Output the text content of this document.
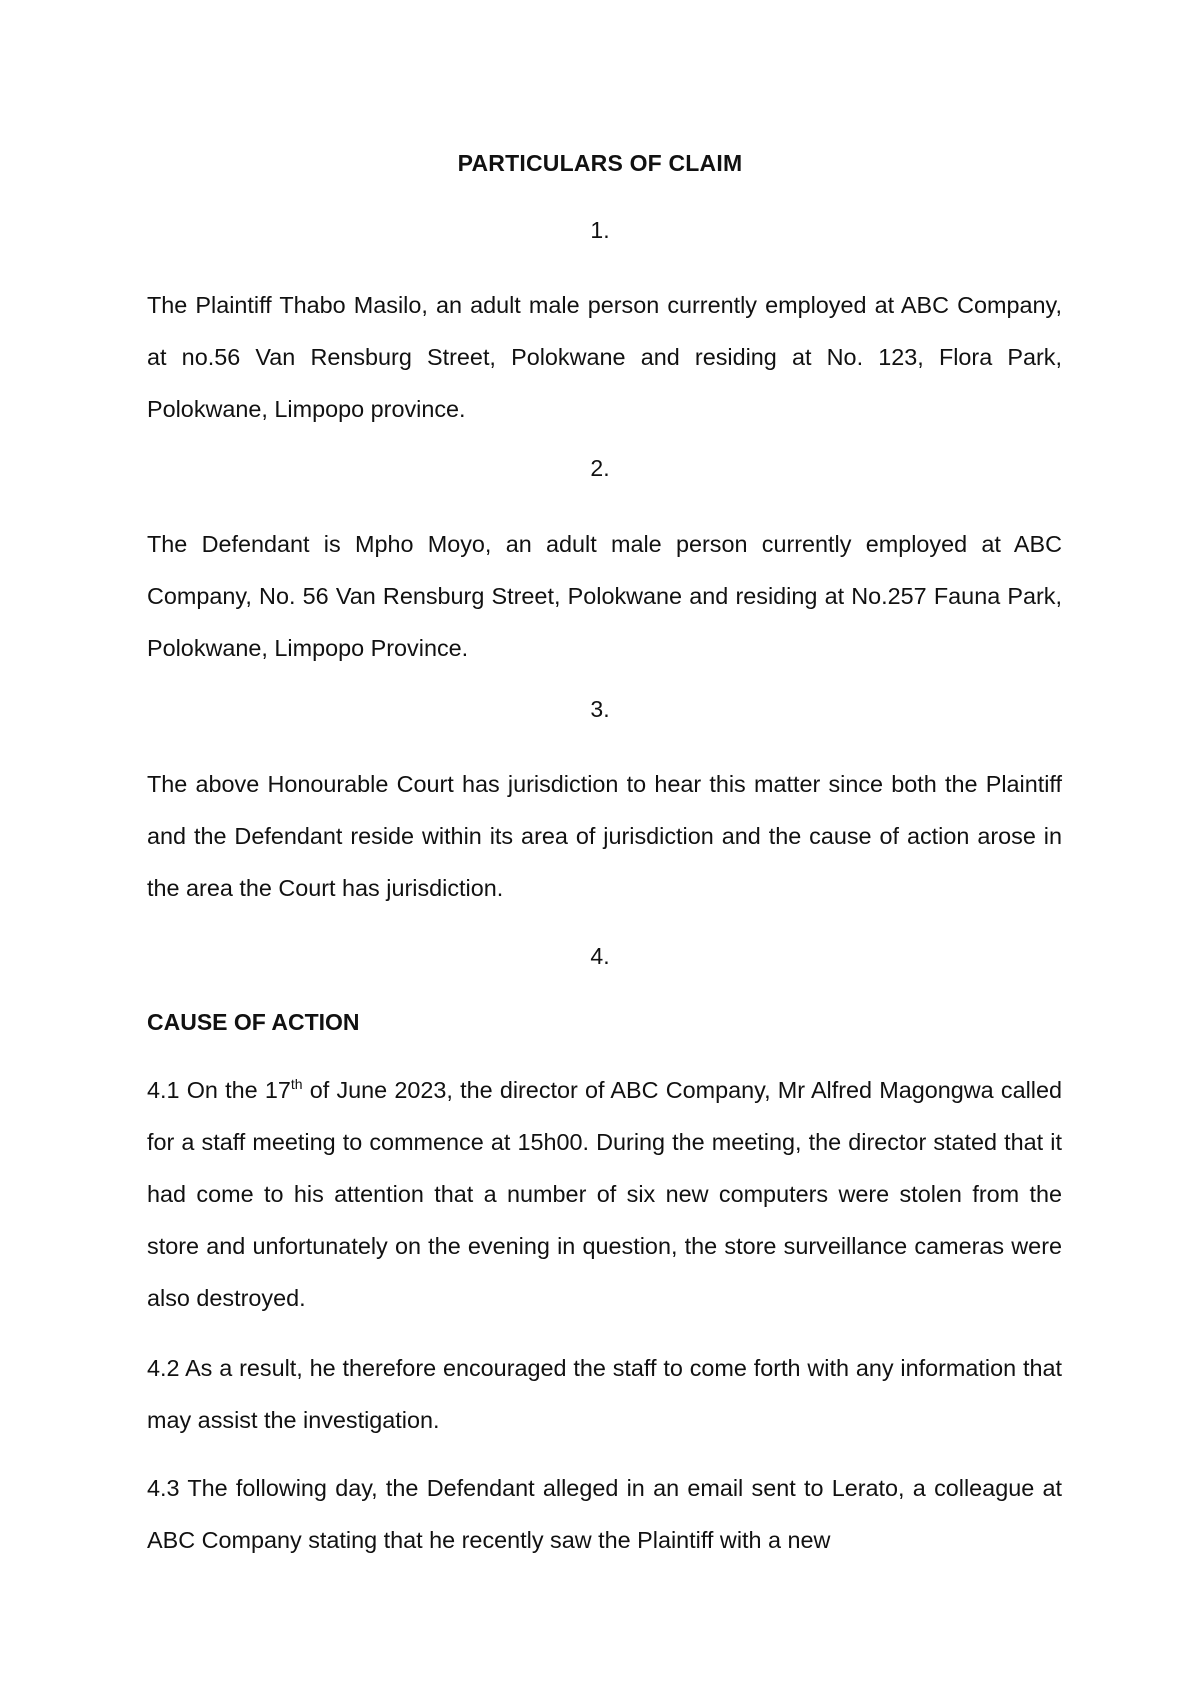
PARTICULARS OF CLAIM
1.
The Plaintiff Thabo Masilo, an adult male person currently employed at ABC Company, at no.56 Van Rensburg Street, Polokwane and residing at No. 123, Flora Park, Polokwane, Limpopo province.
2.
The Defendant is Mpho Moyo, an adult male person currently employed at ABC Company, No. 56 Van Rensburg Street, Polokwane and residing at No.257 Fauna Park, Polokwane, Limpopo Province.
3.
The above Honourable Court has jurisdiction to hear this matter since both the Plaintiff and the Defendant reside within its area of jurisdiction and the cause of action arose in the area the Court has jurisdiction.
4.
CAUSE OF ACTION
4.1 On the 17th of June 2023, the director of ABC Company, Mr Alfred Magongwa called for a staff meeting to commence at 15h00. During the meeting, the director stated that it had come to his attention that a number of six new computers were stolen from the store and unfortunately on the evening in question, the store surveillance cameras were also destroyed.
4.2 As a result, he therefore encouraged the staff to come forth with any information that may assist the investigation.
4.3 The following day, the Defendant alleged in an email sent to Lerato, a colleague at ABC Company stating that he recently saw the Plaintiff with a new
